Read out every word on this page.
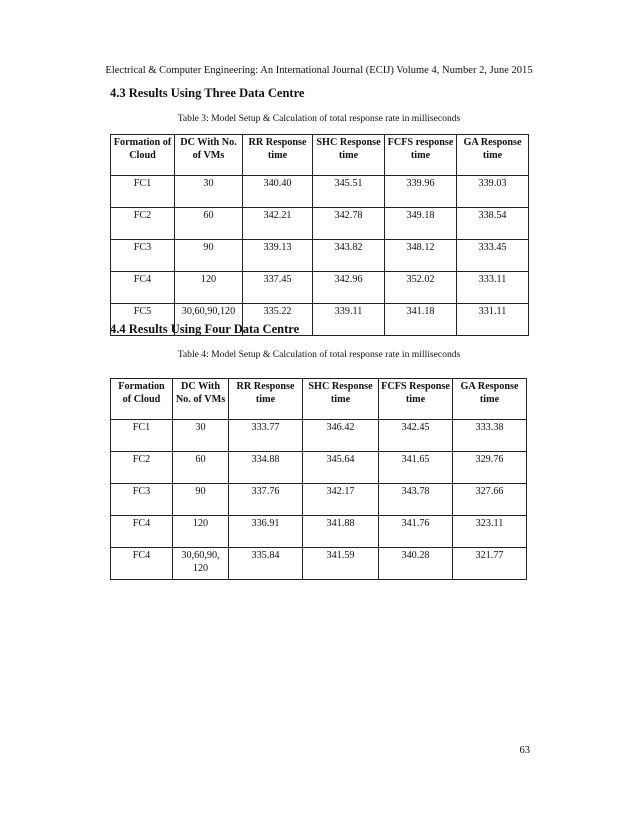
Electrical & Computer Engineering: An International Journal (ECIJ) Volume 4, Number 2, June 2015
4.3 Results Using Three Data Centre
Table 3: Model Setup & Calculation of total response rate in milliseconds
Formation of Cloud	DC With No. of VMs	RR Response time	SHC Response time	FCFS response time	GA Response time
FC1	30	340.40	345.51	339.96	339.03
FC2	60	342.21	342.78	349.18	338.54
FC3	90	339.13	343.82	348.12	333.45
FC4	120	337.45	342.96	352.02	333.11
FC5	30,60,90,120	335.22	339.11	341.18	331.11
4.4 Results Using Four Data Centre
Table 4: Model Setup & Calculation of total response rate in milliseconds
Formation of Cloud	DC With No. of VMs	RR Response time	SHC Response time	FCFS Response time	GA Response time
FC1	30	333.77	346.42	342.45	333.38
FC2	60	334.88	345.64	341.65	329.76
FC3	90	337.76	342.17	343.78	327.66
FC4	120	336.91	341.88	341.76	323.11
FC4	30,60,90, 120	335.84	341.59	340.28	321.77
63
